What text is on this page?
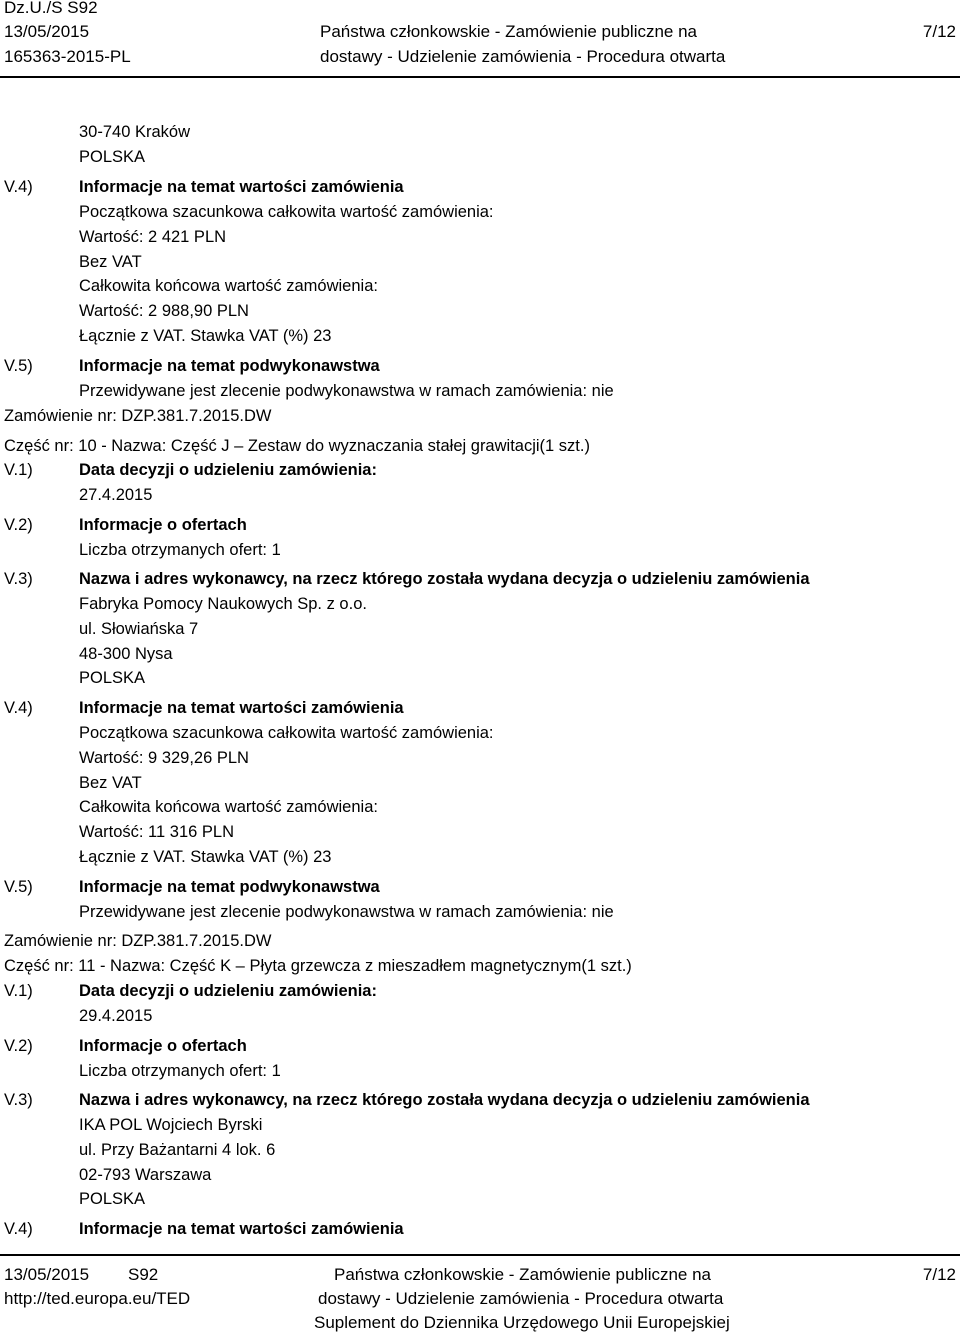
Dz.U./S S92
13/05/2015
165363-2015-PL
Państwa członkowskie - Zamówienie publiczne na
dostawy - Udzielenie zamówienia - Procedura otwarta
7/12
30-740 Kraków
POLSKA
V.4)	Informacje na temat wartości zamówienia
Początkowa szacunkowa całkowita wartość zamówienia:
Wartość: 2 421 PLN
Bez VAT
Całkowita końcowa wartość zamówienia:
Wartość: 2 988,90 PLN
Łącznie z VAT. Stawka VAT (%) 23
V.5)	Informacje na temat podwykonawstwa
Przewidywane jest zlecenie podwykonawstwa w ramach zamówienia: nie
Zamówienie nr: DZP.381.7.2015.DW
Część nr: 10 - Nazwa: Część J – Zestaw do wyznaczania stałej grawitacji(1 szt.)
V.1)	Data decyzji o udzieleniu zamówienia:
27.4.2015
V.2)	Informacje o ofertach
Liczba otrzymanych ofert: 1
V.3)	Nazwa i adres wykonawcy, na rzecz którego została wydana decyzja o udzieleniu zamówienia
Fabryka Pomocy Naukowych Sp. z o.o.
ul. Słowiańska 7
48-300 Nysa
POLSKA
V.4)	Informacje na temat wartości zamówienia
Początkowa szacunkowa całkowita wartość zamówienia:
Wartość: 9 329,26 PLN
Bez VAT
Całkowita końcowa wartość zamówienia:
Wartość: 11 316 PLN
Łącznie z VAT. Stawka VAT (%) 23
V.5)	Informacje na temat podwykonawstwa
Przewidywane jest zlecenie podwykonawstwa w ramach zamówienia: nie
Zamówienie nr: DZP.381.7.2015.DW
Część nr: 11 - Nazwa: Część K – Płyta grzewcza z mieszadłem magnetycznym(1 szt.)
V.1)	Data decyzji o udzieleniu zamówienia:
29.4.2015
V.2)	Informacje o ofertach
Liczba otrzymanych ofert: 1
V.3)	Nazwa i adres wykonawcy, na rzecz którego została wydana decyzja o udzieleniu zamówienia
IKA POL Wojciech Byrski
ul. Przy Bażantarni 4 lok. 6
02-793 Warszawa
POLSKA
V.4)	Informacje na temat wartości zamówienia
13/05/2015 S92
http://ted.europa.eu/TED
Państwa członkowskie - Zamówienie publiczne na
dostawy - Udzielenie zamówienia - Procedura otwarta
Suplement do Dziennika Urzędowego Unii Europejskiej
7/12
